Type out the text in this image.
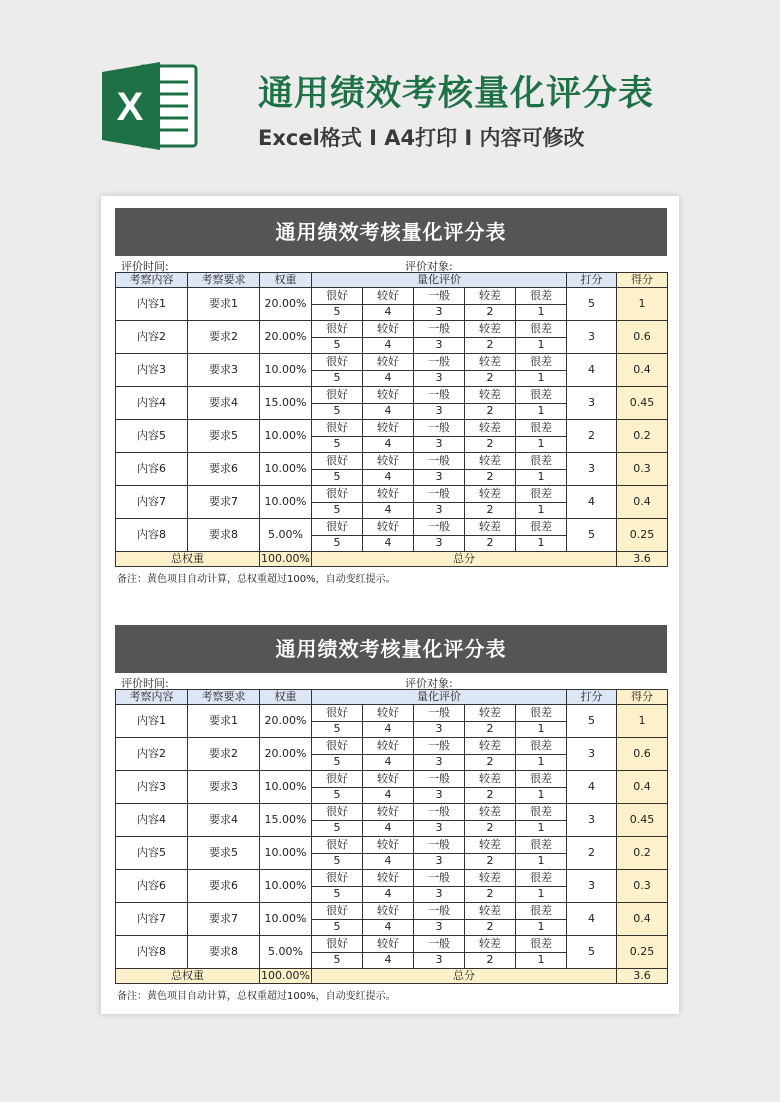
X	通用绩效考核量化评分表
Excel格式 Ⅰ A4打印 Ⅰ 内容可修改
通用绩效考核量化评分表
评价时间:	评价对象:
考察内容	考察要求	权重	量化评价					打分	得分
内容1	要求1	20.00%	很好	较好	一般	较差	很差	5	1
			5	4	3	2	1		
内容2	要求2	20.00%	很好	较好	一般	较差	很差	3	0.6
			5	4	3	2	1		
内容3	要求3	10.00%	很好	较好	一般	较差	很差	4	0.4
			5	4	3	2	1		
内容4	要求4	15.00%	很好	较好	一般	较差	很差	3	0.45
			5	4	3	2	1		
内容5	要求5	10.00%	很好	较好	一般	较差	很差	2	0.2
			5	4	3	2	1		
内容6	要求6	10.00%	很好	较好	一般	较差	很差	3	0.3
			5	4	3	2	1		
内容7	要求7	10.00%	很好	较好	一般	较差	很差	4	0.4
			5	4	3	2	1		
内容8	要求8	5.00%	很好	较好	一般	较差	很差	5	0.25
			5	4	3	2	1		
总权重		100.00%	总分						3.6
备注：黄色项目自动计算，总权重超过100%，自动变红提示。
通用绩效考核量化评分表
评价时间:	评价对象:
考察内容	考察要求	权重	量化评价					打分	得分
内容1	要求1	20.00%	很好	较好	一般	较差	很差	5	1
			5	4	3	2	1		
内容2	要求2	20.00%	很好	较好	一般	较差	很差	3	0.6
			5	4	3	2	1		
内容3	要求3	10.00%	很好	较好	一般	较差	很差	4	0.4
			5	4	3	2	1		
内容4	要求4	15.00%	很好	较好	一般	较差	很差	3	0.45
			5	4	3	2	1		
内容5	要求5	10.00%	很好	较好	一般	较差	很差	2	0.2
			5	4	3	2	1		
内容6	要求6	10.00%	很好	较好	一般	较差	很差	3	0.3
			5	4	3	2	1		
内容7	要求7	10.00%	很好	较好	一般	较差	很差	4	0.4
			5	4	3	2	1		
内容8	要求8	5.00%	很好	较好	一般	较差	很差	5	0.25
			5	4	3	2	1		
总权重		100.00%	总分						3.6
备注：黄色项目自动计算，总权重超过100%，自动变红提示。
